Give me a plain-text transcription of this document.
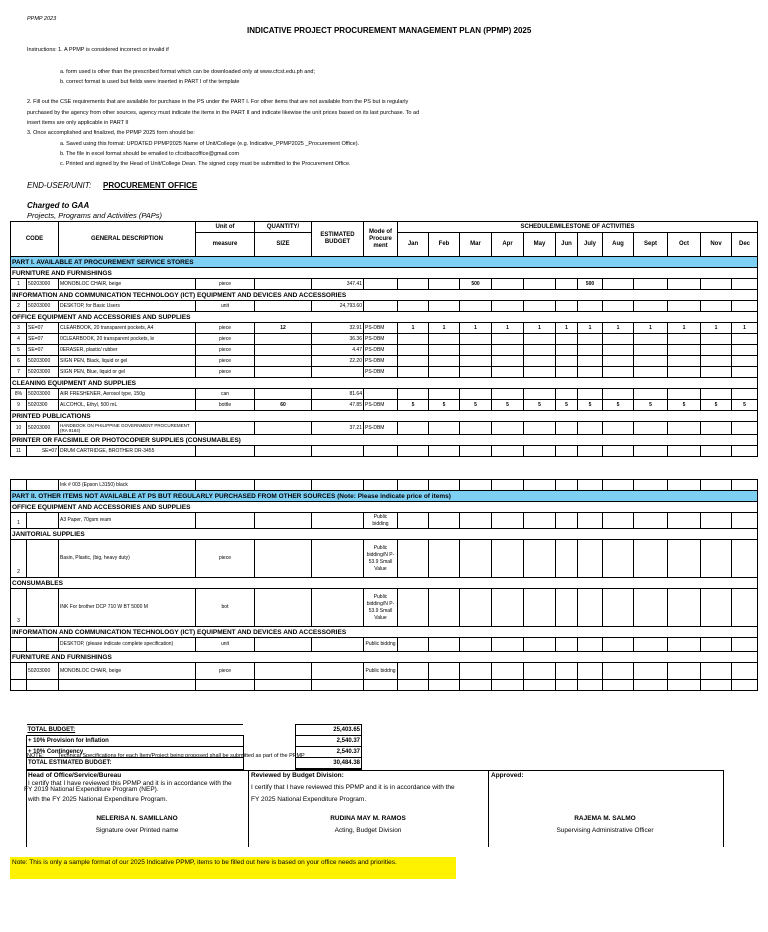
PPMP 2023
INDICATIVE PROJECT PROCUREMENT MANAGEMENT PLAN (PPMP) 2025
Instructions: 1. A PPMP is considered incorrect or invalid if
a. form used is other than the prescribed format which can be downloaded only at www.cfcst.edu.ph and;
b. correct format is used but fields were inserted in PART I of the template
2. Fill out the CSE requirements that are available for purchase in the PS under the PART I. For other items that are not available from the PS but is regularly
purchased by the agency from other sources, agency must indicate the items in the PART II and indicate likewise the unit prices based on its last purchase. To ad
insert items are only applicable in PART II
3. Once accomplished and finalized, the PPMP 2025 form should be:
a. Saved using this format: UPDATED PPMP2025 Name of Unit/College (e.g. Indicative_PPMP2025 _Procurement Office).
b. The file in excel format should be emailed to cfcstbacoffice@gmail.com
c. Printed and signed by the Head of Unit/College Dean. The signed copy must be submitted to the Procurement Office.
END-USER/UNIT: PROCUREMENT OFFICE
Charged to GAA
Projects, Programs and Activities (PAPs)
CODE		GENERAL DESCRIPTION	Unit of	QUANTITY/	ESTIMATED BUDGET	Mode of Procure ment	SCHEDULE/MILESTONE OF ACTIVITIES											
			measure	SIZE			Jan	Feb	Mar	Apr	May	Jun	July	Aug	Sept	Oct	Nov	Dec
PART I. AVAILABLE AT PROCUREMENT SERVICE STORES																		
FURNITURE AND FURNISHINGS																		
1	50203000	MONOBLOC CHAIR, beige	piece		347.41				500				500					
INFORMATION AND COMMUNICATION TECHNOLOGY (ICT) EQUIPMENT AND DEVICES AND ACCESSORIES																		
2	50203000	DESKTOP, for Basic Users	unit		24,793.60													
OFFICE EQUIPMENT AND ACCESSORIES AND SUPPLIES																		
3	SE=07	CLEARBOOK, 20 transparent pockets, A4	piece	12	32.91	PS-DBM	1	1	1	1	1	1	1	1	1	1	1	1
4	SE=07	0CLEARBOOK, 20 transparent pockets, le	piece		36.36	PS-DBM												
5	SE=07	0ERASER, plastic/ rubber	piece		4.47	PS-DBM												
6	50203000	SIGN PEN, Black, liquid or gel	piece		22.20	PS-DBM												
7	50203000	SIGN PEN, Blue, liquid or gel	piece			PS-DBM												
CLEANING EQUIPMENT AND SUPPLIES																		
8%	50203000	AIR FRESHENER, Aerosol type, 150g	can		81.64													
9	5020300	ALCOHOL, Ethyl, 500 mL	bottle	60	47.85	PS-DBM	5	5	5	5	5	5	5	5	5	5	5	5
PRINTED PUBLICATIONS																		
10	50203000	HANDBOOK ON PHILIPPINE GOVERNMENT PROCUREMENT (RA 9184)			37.21	PS-DBM												
PRINTER OR FACSIMILE OR PHOTOCOPIER SUPPLIES (CONSUMABLES)																		
11	SE=07	DRUM CARTRIDGE, BROTHER DR-3455																
		Ink # 003 (Epson L3150) black																
PART II. OTHER ITEMS NOT AVAILABLE AT PS BUT REGULARLY PURCHASED FROM OTHER SOURCES (Note: Please indicate price of items)																		
OFFICE EQUIPMENT AND ACCESSORIES AND SUPPLIES																		
1		A3 Paper, 70gsm ream				Public bidding												
JANITORIAL SUPPLIES																		
2		Basin, Plastic, (big, heavy duty)	piece			Public bidding/N P-53.9 Small Value												
CONSUMABLES																		
3		INK For brother DCP 710 W BT 5000 M	bot			Public bidding/N P-53.9 Small Value												
INFORMATION AND COMMUNICATION TECHNOLOGY (ICT) EQUIPMENT AND DEVICES AND ACCESSORIES																		
		DESKTOP, (please indicate complete specification)	unit			Public biddng												
FURNITURE AND FURNISHINGS																		
	50203000	MONOBLOC CHAIR, beige	piece			Public biddng												

TOTAL BUDGET:		25,403.65
+ 10% Provision for Inflation		2,540.37
+ 10% Contingency		2,540.37
TOTAL ESTIMATED BUDGET:		30,484.38
NOTE:	Technical Specifications for each Item/Project being proposed shall be submitted as part of the PPMP
Head of Office/Service/Bureau
I certify that I have reviewed this PPMP and it is in accordance with the
FY 2019 National Expenditure Program (NEP).
with the FY 2025 National Expenditure Program.
NELERISA N. SAMILLANO
Signature over Printed name
Reviewed by Budget Division:
I certify that I have reviewed this PPMP and it is in accordance with the
FY 2025 National Expenditure Program.
RUDINA MAY M. RAMOS
Acting, Budget Division
Approved:
RAJEMA M. SALMO
Supervising Administrative Officer
Note: This is only a sample format of our 2025 Indicative PPMP, items to be filled out here is based on your office needs and priorities.
